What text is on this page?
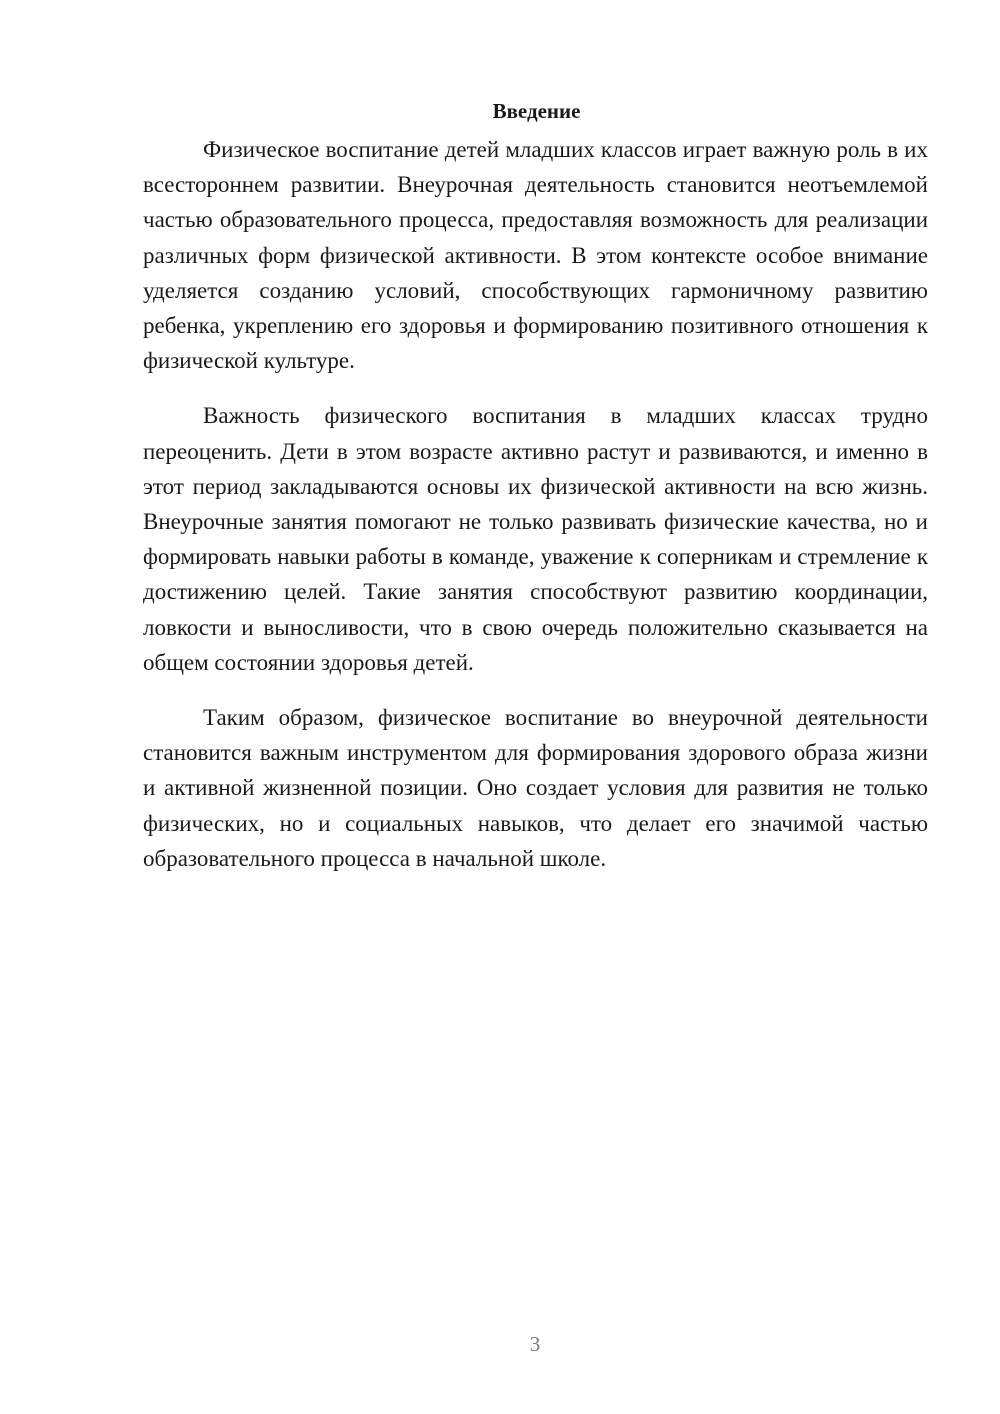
Введение

Физическое воспитание детей младших классов играет важную роль в их всестороннем развитии. Внеурочная деятельность становится неотъемлемой частью образовательного процесса, предоставляя возможность для реализации различных форм физической активности. В этом контексте особое внимание уделяется созданию условий, способствующих гармоничному развитию ребенка, укреплению его здоровья и формированию позитивного отношения к физической культуре.

Важность физического воспитания в младших классах трудно переоценить. Дети в этом возрасте активно растут и развиваются, и именно в этот период закладываются основы их физической активности на всю жизнь. Внеурочные занятия помогают не только развивать физические качества, но и формировать навыки работы в команде, уважение к соперникам и стремление к достижению целей. Такие занятия способствуют развитию координации, ловкости и выносливости, что в свою очередь положительно сказывается на общем состоянии здоровья детей.

Таким образом, физическое воспитание во внеурочной деятельности становится важным инструментом для формирования здорового образа жизни и активной жизненной позиции. Оно создает условия для развития не только физических, но и социальных навыков, что делает его значимой частью образовательного процесса в начальной школе.

3
